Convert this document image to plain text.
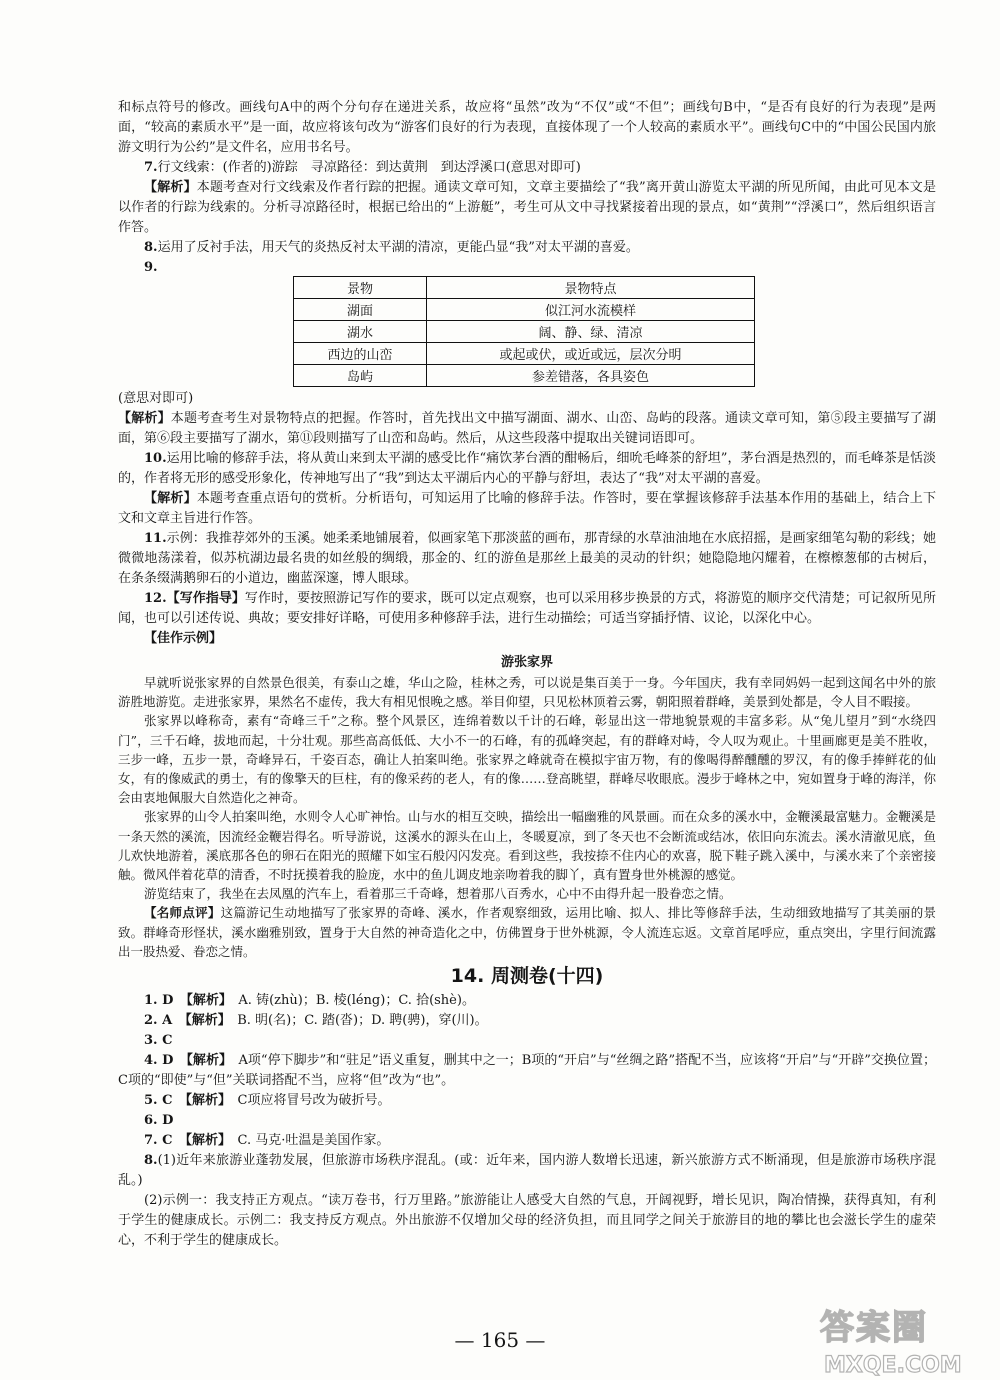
和标点符号的修改。画线句A中的两个分句存在递进关系，故应将“虽然”改为“不仅”或“不但”；画线句B中，“是否有良好的行为表现”是两面，“较高的素质水平”是一面，故应将该句改为“游客们良好的行为表现，直接体现了一个人较高的素质水平”。画线句C中的“中国公民国内旅游文明行为公约”是文件名，应用书名号。

7.行文线索：(作者的)游踪　寻凉路径：到达黄荆　到达浮溪口(意思对即可)

【解析】本题考查对行文线索及作者行踪的把握。通读文章可知，文章主要描绘了“我”离开黄山游览太平湖的所见所闻，由此可见本文是以作者的行踪为线索的。分析寻凉路径时，根据已给出的“上游艇”，考生可从文中寻找紧接着出现的景点，如“黄荆”“浮溪口”，然后组织语言作答。

8.运用了反衬手法，用天气的炎热反衬太平湖的清凉，更能凸显“我”对太平湖的喜爱。

9.

景物	景物特点
湖面	似江河水流模样
湖水	阔、静、绿、清凉
西边的山峦	或起或伏，或近或远，层次分明
岛屿	参差错落，各具姿色

(意思对即可)

【解析】本题考查考生对景物特点的把握。作答时，首先找出文中描写湖面、湖水、山峦、岛屿的段落。通读文章可知，第⑤段主要描写了湖面，第⑥段主要描写了湖水，第⑪段则描写了山峦和岛屿。然后，从这些段落中提取出关键词语即可。

10.运用比喻的修辞手法，将从黄山来到太平湖的感受比作“痛饮茅台酒的酣畅后，细吮毛峰茶的舒坦”，茅台酒是热烈的，而毛峰茶是恬淡的，作者将无形的感受形象化，传神地写出了“我”到达太平湖后内心的平静与舒坦，表达了“我”对太平湖的喜爱。

【解析】本题考查重点语句的赏析。分析语句，可知运用了比喻的修辞手法。作答时，要在掌握该修辞手法基本作用的基础上，结合上下文和文章主旨进行作答。

11.示例：我推荐郊外的玉溪。她柔柔地铺展着，似画家笔下那淡蓝的画布，那青绿的水草油油地在水底招摇，是画家细笔勾勒的彩线；她微微地荡漾着，似苏杭湖边最名贵的如丝般的绸缎，那金的、红的游鱼是那丝上最美的灵动的针织；她隐隐地闪耀着，在檫檫葱郁的古树后，在条条缀满鹅卵石的小道边，幽蓝深邃，博人眼球。

12.【写作指导】写作时，要按照游记写作的要求，既可以定点观察，也可以采用移步换景的方式，将游览的顺序交代清楚；可记叙所见所闻，也可以引述传说、典故；要安排好详略，可使用多种修辞手法，进行生动描绘；可适当穿插抒情、议论，以深化中心。

【佳作示例】

游张家界

早就听说张家界的自然景色很美，有泰山之雄，华山之险，桂林之秀，可以说是集百美于一身。今年国庆，我有幸同妈妈一起到这闻名中外的旅游胜地游览。走进张家界，果然名不虚传，我大有相见恨晚之感。举目仰望，只见松林顶着云雾，朝阳照着群峰，美景到处都是，令人目不暇接。

张家界以峰称奇，素有“奇峰三千”之称。整个风景区，连绵着数以千计的石峰，彰显出这一带地貌景观的丰富多彩。从“兔儿望月”到“水绕四门”，三千石峰，拔地而起，十分壮观。那些高高低低、大小不一的石峰，有的孤峰突起，有的群峰对峙，令人叹为观止。十里画廊更是美不胜收，三步一峰，五步一景，奇峰异石，千姿百态，确让人拍案叫绝。张家界之峰就奇在模拟宇宙万物，有的像喝得醉醺醺的罗汉，有的像手捧鲜花的仙女，有的像威武的勇士，有的像擎天的巨柱，有的像采药的老人，有的像……登高眺望，群峰尽收眼底。漫步于峰林之中，宛如置身于峰的海洋，你会由衷地佩服大自然造化之神奇。

张家界的山令人拍案叫绝，水则令人心旷神怡。山与水的相互交映，描绘出一幅幽雅的风景画。而在众多的溪水中，金鞭溪最富魅力。金鞭溪是一条天然的溪流，因流经金鞭岩得名。听导游说，这溪水的源头在山上，冬暖夏凉，到了冬天也不会断流或结冰，依旧向东流去。溪水清澈见底，鱼儿欢快地游着，溪底那各色的卵石在阳光的照耀下如宝石般闪闪发亮。看到这些，我按捺不住内心的欢喜，脱下鞋子跳入溪中，与溪水来了个亲密接触。微风伴着花草的清香，不时抚摸着我的脸庞，水中的鱼儿调皮地亲吻着我的脚丫，真有置身世外桃源的感觉。

游览结束了，我坐在去凤凰的汽车上，看着那三千奇峰，想着那八百秀水，心中不由得升起一股眷恋之情。

【名师点评】这篇游记生动地描写了张家界的奇峰、溪水，作者观察细致，运用比喻、拟人、排比等修辞手法，生动细致地描写了其美丽的景致。群峰奇形怪状，溪水幽雅别致，置身于大自然的神奇造化之中，仿佛置身于世外桃源，令人流连忘返。文章首尾呼应，重点突出，字里行间流露出一股热爱、眷恋之情。

14. 周测卷(十四)

1. D　 【解析】　 A. 铸(zhù)；B. 棱(léng)；C. 拾(shè)。

2. A　 【解析】　 B. 明(名)；C. 踏(沓)；D. 聘(骋)，穿(川)。

3. C

4. D　 【解析】　 A项“停下脚步”和“驻足”语义重复，删其中之一；B项的“开启”与“丝绸之路”搭配不当，应该将“开启”与“开辟”交换位置；C项的“即使”与“但”关联词搭配不当，应将“但”改为“也”。

5. C　 【解析】　 C项应将冒号改为破折号。

6. D

7. C　 【解析】　 C. 马克·吐温是美国作家。

8.(1)近年来旅游业蓬勃发展，但旅游市场秩序混乱。(或：近年来，国内游人数增长迅速，新兴旅游方式不断涌现，但是旅游市场秩序混乱。)

(2)示例一：我支持正方观点。“读万卷书，行万里路。”旅游能让人感受大自然的气息，开阔视野，增长见识，陶冶情操，获得真知，有利于学生的健康成长。示例二：我支持反方观点。外出旅游不仅增加父母的经济负担，而且同学之间关于旅游目的地的攀比也会滋长学生的虚荣心，不利于学生的健康成长。

— 165 —	答案圈
MXQE.COM
